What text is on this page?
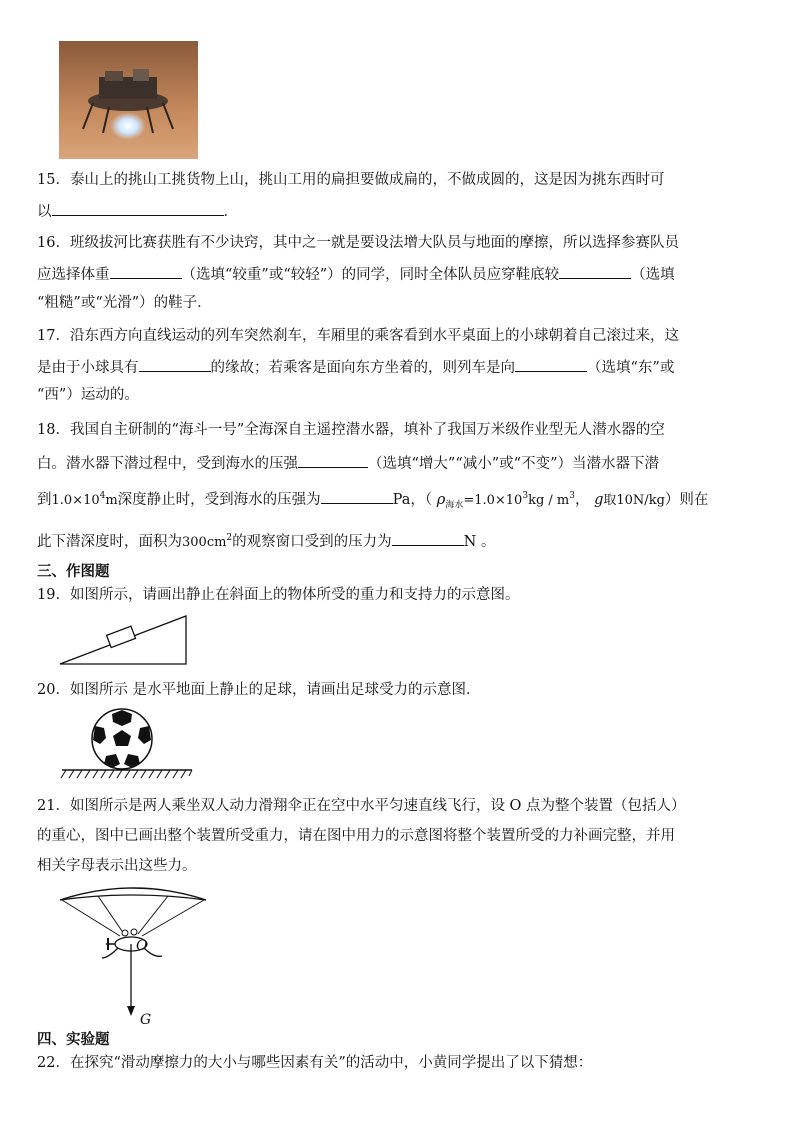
15．泰山上的挑山工挑货物上山，挑山工用的扁担要做成扁的，不做成圆的，这是因为挑东西时可
以	．
16．班级拔河比赛获胜有不少诀窍，其中之一就是要设法增大队员与地面的摩擦，所以选择参赛队员
应选择体重	（选填“较重”或“较轻”）的同学，同时全体队员应穿鞋底较	（选填
“粗糙”或“光滑”）的鞋子．
17．沿东西方向直线运动的列车突然刹车，车厢里的乘客看到水平桌面上的小球朝着自己滚过来，这
是由于小球具有	的缘故；若乘客是面向东方坐着的，则列车是向	（选填“东”或
“西”）运动的。
18．我国自主研制的“海斗一号”全海深自主遥控潜水器，填补了我国万米级作业型无人潜水器的空
白。潜水器下潜过程中，受到海水的压强	（选填“增大”“减小”或“不变”）当潜水器下潜
到$1.0\times 10^4m$深度静止时，受到海水的压强为	Pa，（ $\rho_{海水}=1.0\times 10^3kg / m^3$， g取10N/kg）则在
此下潜深度时，面积为$300cm^2$的观察窗口受到的压力为	N 。
三、作图题
19．如图所示，请画出静止在斜面上的物体所受的重力和支持力的示意图。
20．如图所示 是水平地面上静止的足球，请画出足球受力的示意图．
21．如图所示是两人乘坐双人动力滑翔伞正在空中水平匀速直线飞行，设 O 点为整个装置（包括人）
的重心，图中已画出整个装置所受重力，请在图中用力的示意图将整个装置所受的力补画完整，并用
相关字母表示出这些力。
O
G
四、实验题
22．在探究“滑动摩擦力的大小与哪些因素有关”的活动中，小黄同学提出了以下猜想：
